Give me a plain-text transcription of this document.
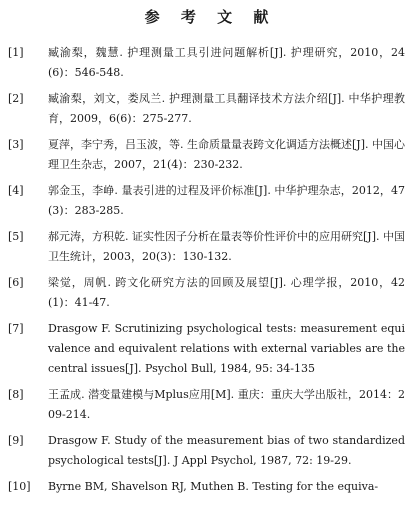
参 考 文 献
[1]	臧渝梨，魏慧. 护理测量工具引进问题解析[J]. 护理研究，2010，24(6)：546-548.
[2]	臧渝梨，刘文，娄凤兰. 护理测量工具翻译技术方法介绍[J]. 中华护理教育，2009，6(6)：275-277.
[3]	夏萍，李宁秀，吕玉波，等. 生命质量量表跨文化调适方法概述[J]. 中国心理卫生杂志，2007，21(4)：230-232.
[4]	郭金玉，李峥. 量表引进的过程及评价标准[J]. 中华护理杂志，2012，47(3)：283-285.
[5]	郝元涛，方积乾. 证实性因子分析在量表等价性评价中的应用研究[J]. 中国卫生统计，2003，20(3)：130-132.
[6]	梁觉，周帆. 跨文化研究方法的回顾及展望[J]. 心理学报，2010，42(1)：41-47.
[7]	Drasgow F. Scrutinizing psychological tests: measurement equivalence and equivalent relations with external variables are the central issues[J]. Psychol Bull, 1984, 95: 34-135
[8]	王孟成. 潜变量建模与Mplus应用[M]. 重庆：重庆大学出版社，2014：209-214.
[9]	Drasgow F. Study of the measurement bias of two standardized psychological tests[J]. J Appl Psychol, 1987, 72: 19-29.
[10]	Byrne BM, Shavelson RJ, Muthen B. Testing for the equiva-
